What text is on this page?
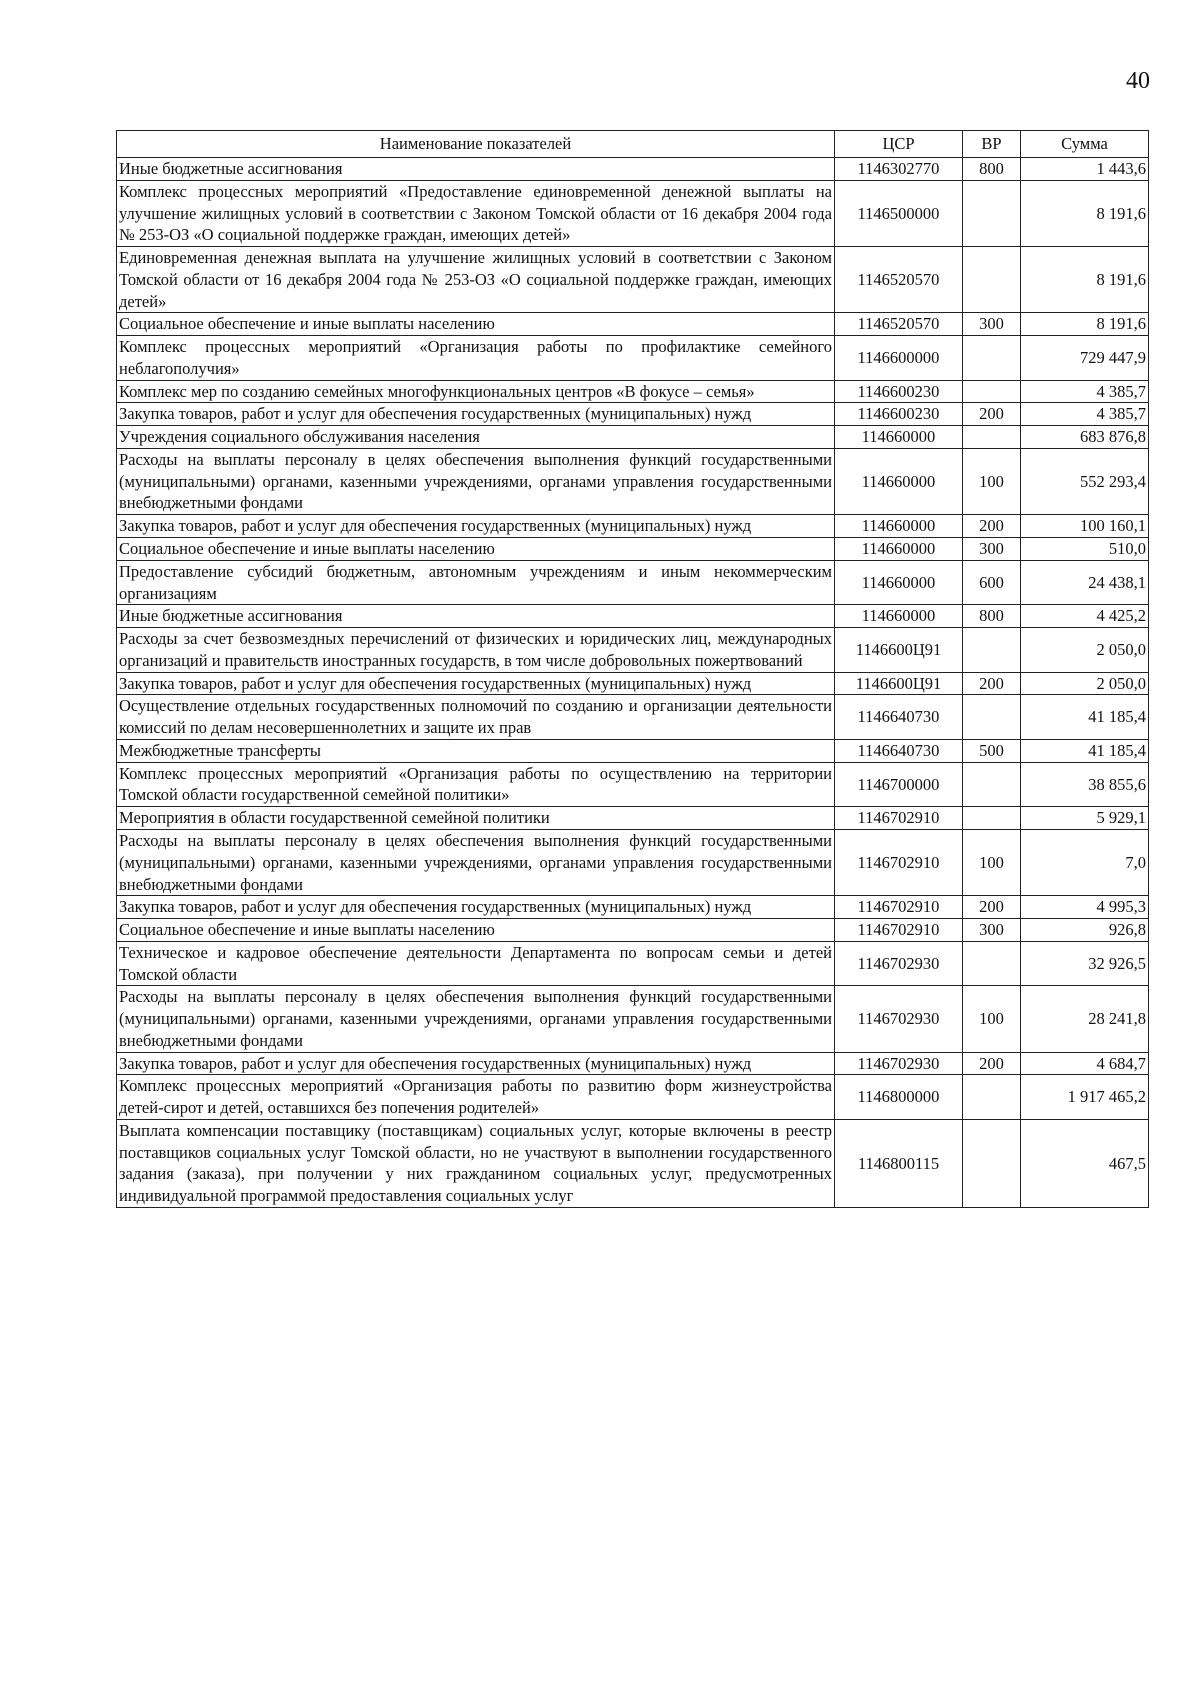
40
Наименование показателей	ЦСР	ВР	Сумма
Иные бюджетные ассигнования	1146302770	800	1 443,6
Комплекс процессных мероприятий «Предоставление единовременной денежной выплаты на улучшение жилищных условий в соответствии с Законом Томской области от 16 декабря 2004 года № 253-ОЗ «О социальной поддержке граждан, имеющих детей»	1146500000		8 191,6
Единовременная денежная выплата на улучшение жилищных условий в соответствии с Законом Томской области от 16 декабря 2004 года № 253-ОЗ «О социальной поддержке граждан, имеющих детей»	1146520570		8 191,6
Социальное обеспечение и иные выплаты населению	1146520570	300	8 191,6
Комплекс процессных мероприятий «Организация работы по профилактике семейного неблагополучия»	1146600000		729 447,9
Комплекс мер по созданию семейных многофункциональных центров «В фокусе – семья»	1146600230		4 385,7
Закупка товаров, работ и услуг для обеспечения государственных (муниципальных) нужд	1146600230	200	4 385,7
Учреждения социального обслуживания населения	114660000		683 876,8
Расходы на выплаты персоналу в целях обеспечения выполнения функций государственными (муниципальными) органами, казенными учреждениями, органами управления государственными внебюджетными фондами	114660000	100	552 293,4
Закупка товаров, работ и услуг для обеспечения государственных (муниципальных) нужд	114660000	200	100 160,1
Социальное обеспечение и иные выплаты населению	114660000	300	510,0
Предоставление субсидий бюджетным, автономным учреждениям и иным некоммерческим организациям	114660000	600	24 438,1
Иные бюджетные ассигнования	114660000	800	4 425,2
Расходы за счет безвозмездных перечислений от физических и юридических лиц, международных организаций и правительств иностранных государств, в том числе добровольных пожертвований	1146600Ц91		2 050,0
Закупка товаров, работ и услуг для обеспечения государственных (муниципальных) нужд	1146600Ц91	200	2 050,0
Осуществление отдельных государственных полномочий по созданию и организации деятельности комиссий по делам несовершеннолетних и защите их прав	1146640730		41 185,4
Межбюджетные трансферты	1146640730	500	41 185,4
Комплекс процессных мероприятий «Организация работы по осуществлению на территории Томской области государственной семейной политики»	1146700000		38 855,6
Мероприятия в области государственной семейной политики	1146702910		5 929,1
Расходы на выплаты персоналу в целях обеспечения выполнения функций государственными (муниципальными) органами, казенными учреждениями, органами управления государственными внебюджетными фондами	1146702910	100	7,0
Закупка товаров, работ и услуг для обеспечения государственных (муниципальных) нужд	1146702910	200	4 995,3
Социальное обеспечение и иные выплаты населению	1146702910	300	926,8
Техническое и кадровое обеспечение деятельности Департамента по вопросам семьи и детей Томской области	1146702930		32 926,5
Расходы на выплаты персоналу в целях обеспечения выполнения функций государственными (муниципальными) органами, казенными учреждениями, органами управления государственными внебюджетными фондами	1146702930	100	28 241,8
Закупка товаров, работ и услуг для обеспечения государственных (муниципальных) нужд	1146702930	200	4 684,7
Комплекс процессных мероприятий «Организация работы по развитию форм жизнеустройства детей-сирот и детей, оставшихся без попечения родителей»	1146800000		1 917 465,2
Выплата компенсации поставщику (поставщикам) социальных услуг, которые включены в реестр поставщиков социальных услуг Томской области, но не участвуют в выполнении государственного задания (заказа), при получении у них гражданином социальных услуг, предусмотренных индивидуальной программой предоставления социальных услуг	1146800115		467,5
